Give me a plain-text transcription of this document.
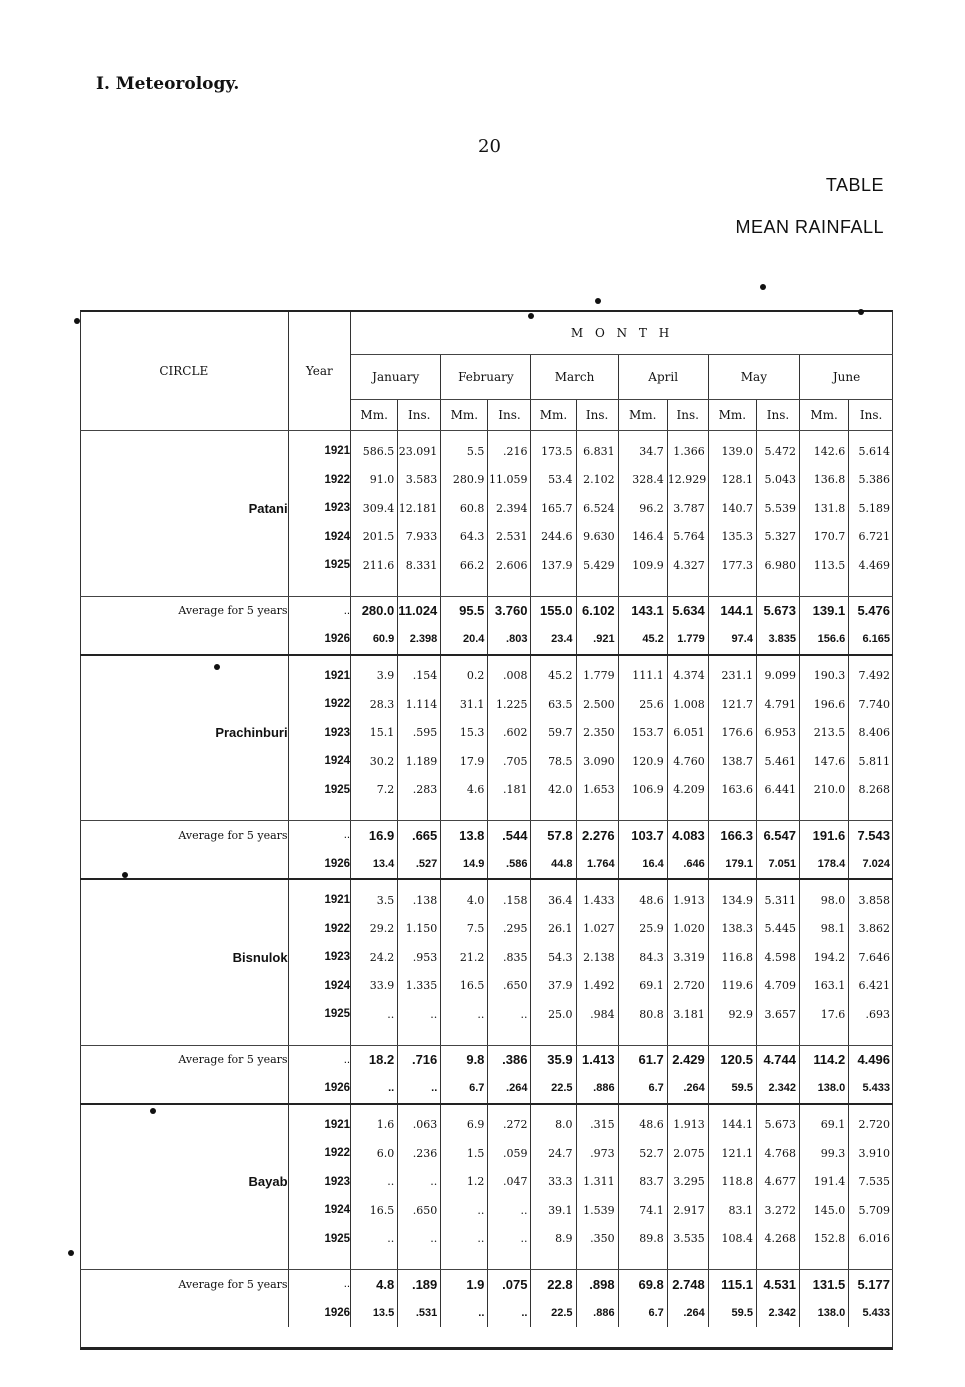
I. Meteorology.
20
TABLE
MEAN RAINFALL
CIRCLE	Year	M O N T H											
		January		February		March		April		May		June	
		Mm.	Ins.	Mm.	Ins.	Mm.	Ins.	Mm.	Ins.	Mm.	Ins.	Mm.	Ins.
Patani	1921	586.5	23.091	5.5	.216	173.5	6.831	34.7	1.366	139.0	5.472	142.6	5.614
	1922	91.0	3.583	280.9	11.059	53.4	2.102	328.4	12.929	128.1	5.043	136.8	5.386
	1923	309.4	12.181	60.8	2.394	165.7	6.524	96.2	3.787	140.7	5.539	131.8	5.189
	1924	201.5	7.933	64.3	2.531	244.6	9.630	146.4	5.764	135.3	5.327	170.7	6.721
	1925	211.6	8.331	66.2	2.606	137.9	5.429	109.9	4.327	177.3	6.980	113.5	4.469

Average for 5 years	..	280.0	11.024	95.5	3.760	155.0	6.102	143.1	5.634	144.1	5.673	139.1	5.476
	1926	60.9	2.398	20.4	.803	23.4	.921	45.2	1.779	97.4	3.835	156.6	6.165
Prachinburi	1921	3.9	.154	0.2	.008	45.2	1.779	111.1	4.374	231.1	9.099	190.3	7.492
	1922	28.3	1.114	31.1	1.225	63.5	2.500	25.6	1.008	121.7	4.791	196.6	7.740
	1923	15.1	.595	15.3	.602	59.7	2.350	153.7	6.051	176.6	6.953	213.5	8.406
	1924	30.2	1.189	17.9	.705	78.5	3.090	120.9	4.760	138.7	5.461	147.6	5.811
	1925	7.2	.283	4.6	.181	42.0	1.653	106.9	4.209	163.6	6.441	210.0	8.268

Average for 5 years	..	16.9	.665	13.8	.544	57.8	2.276	103.7	4.083	166.3	6.547	191.6	7.543
	1926	13.4	.527	14.9	.586	44.8	1.764	16.4	.646	179.1	7.051	178.4	7.024
Bisnulok	1921	3.5	.138	4.0	.158	36.4	1.433	48.6	1.913	134.9	5.311	98.0	3.858
	1922	29.2	1.150	7.5	.295	26.1	1.027	25.9	1.020	138.3	5.445	98.1	3.862
	1923	24.2	.953	21.2	.835	54.3	2.138	84.3	3.319	116.8	4.598	194.2	7.646
	1924	33.9	1.335	16.5	.650	37.9	1.492	69.1	2.720	119.6	4.709	163.1	6.421
	1925	..	..	..	..	25.0	.984	80.8	3.181	92.9	3.657	17.6	.693

Average for 5 years	..	18.2	.716	9.8	.386	35.9	1.413	61.7	2.429	120.5	4.744	114.2	4.496
	1926	..	..	6.7	.264	22.5	.886	6.7	.264	59.5	2.342	138.0	5.433
Bayab	1921	1.6	.063	6.9	.272	8.0	.315	48.6	1.913	144.1	5.673	69.1	2.720
	1922	6.0	.236	1.5	.059	24.7	.973	52.7	2.075	121.1	4.768	99.3	3.910
	1923	..	..	1.2	.047	33.3	1.311	83.7	3.295	118.8	4.677	191.4	7.535
	1924	16.5	.650	..	..	39.1	1.539	74.1	2.917	83.1	3.272	145.0	5.709
	1925	..	..	..	..	8.9	.350	89.8	3.535	108.4	4.268	152.8	6.016

Average for 5 years	..	4.8	.189	1.9	.075	22.8	.898	69.8	2.748	115.1	4.531	131.5	5.177
	1926	13.5	.531	..	..	22.5	.886	6.7	.264	59.5	2.342	138.0	5.433
